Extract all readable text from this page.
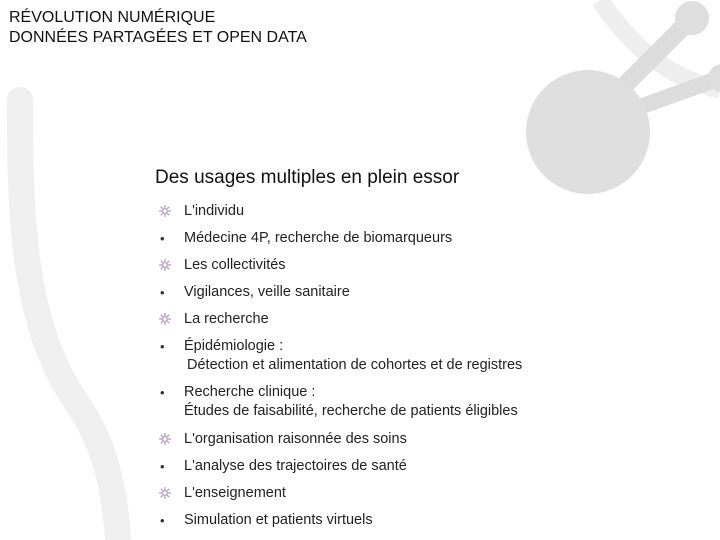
RÉVOLUTION NUMÉRIQUE
DONNÉES PARTAGÉES ET OPEN DATA
Des usages multiples en plein essor
L'individu
•	Médecine 4P, recherche de biomarqueurs
Les collectivités
•	Vigilances, veille sanitaire
La recherche
•	Épidémiologie :
Détection et alimentation de cohortes et de registres
•	Recherche clinique :
Études de faisabilité, recherche de patients éligibles
L'organisation raisonnée des soins
•	L'analyse des trajectoires de santé
L'enseignement
•	Simulation et patients virtuels
